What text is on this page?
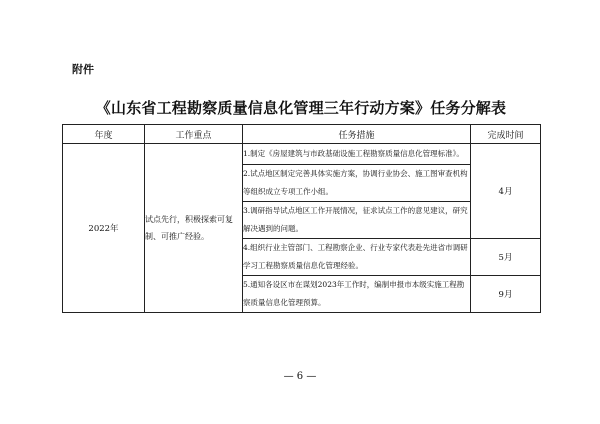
附件
《山东省工程勘察质量信息化管理三年行动方案》任务分解表
年度	工作重点	任务措施	完成时间
2022年	试点先行，积极探索可复制、可推广经验。	1.制定《房屋建筑与市政基础设施工程勘察质量信息化管理标准》。	4月
		2.试点地区制定完善具体实施方案，协调行业协会、施工图审查机构等组织成立专项工作小组。	
		3.调研指导试点地区工作开展情况，征求试点工作的意见建议，研究解决遇到的问题。	
		4.组织行业主管部门、工程勘察企业、行业专家代表赴先进省市调研学习工程勘察质量信息化管理经验。	5月
		5.通知各设区市在谋划2023年工作时，编制申报市本级实施工程勘察质量信息化管理预算。	9月
— 6 —
